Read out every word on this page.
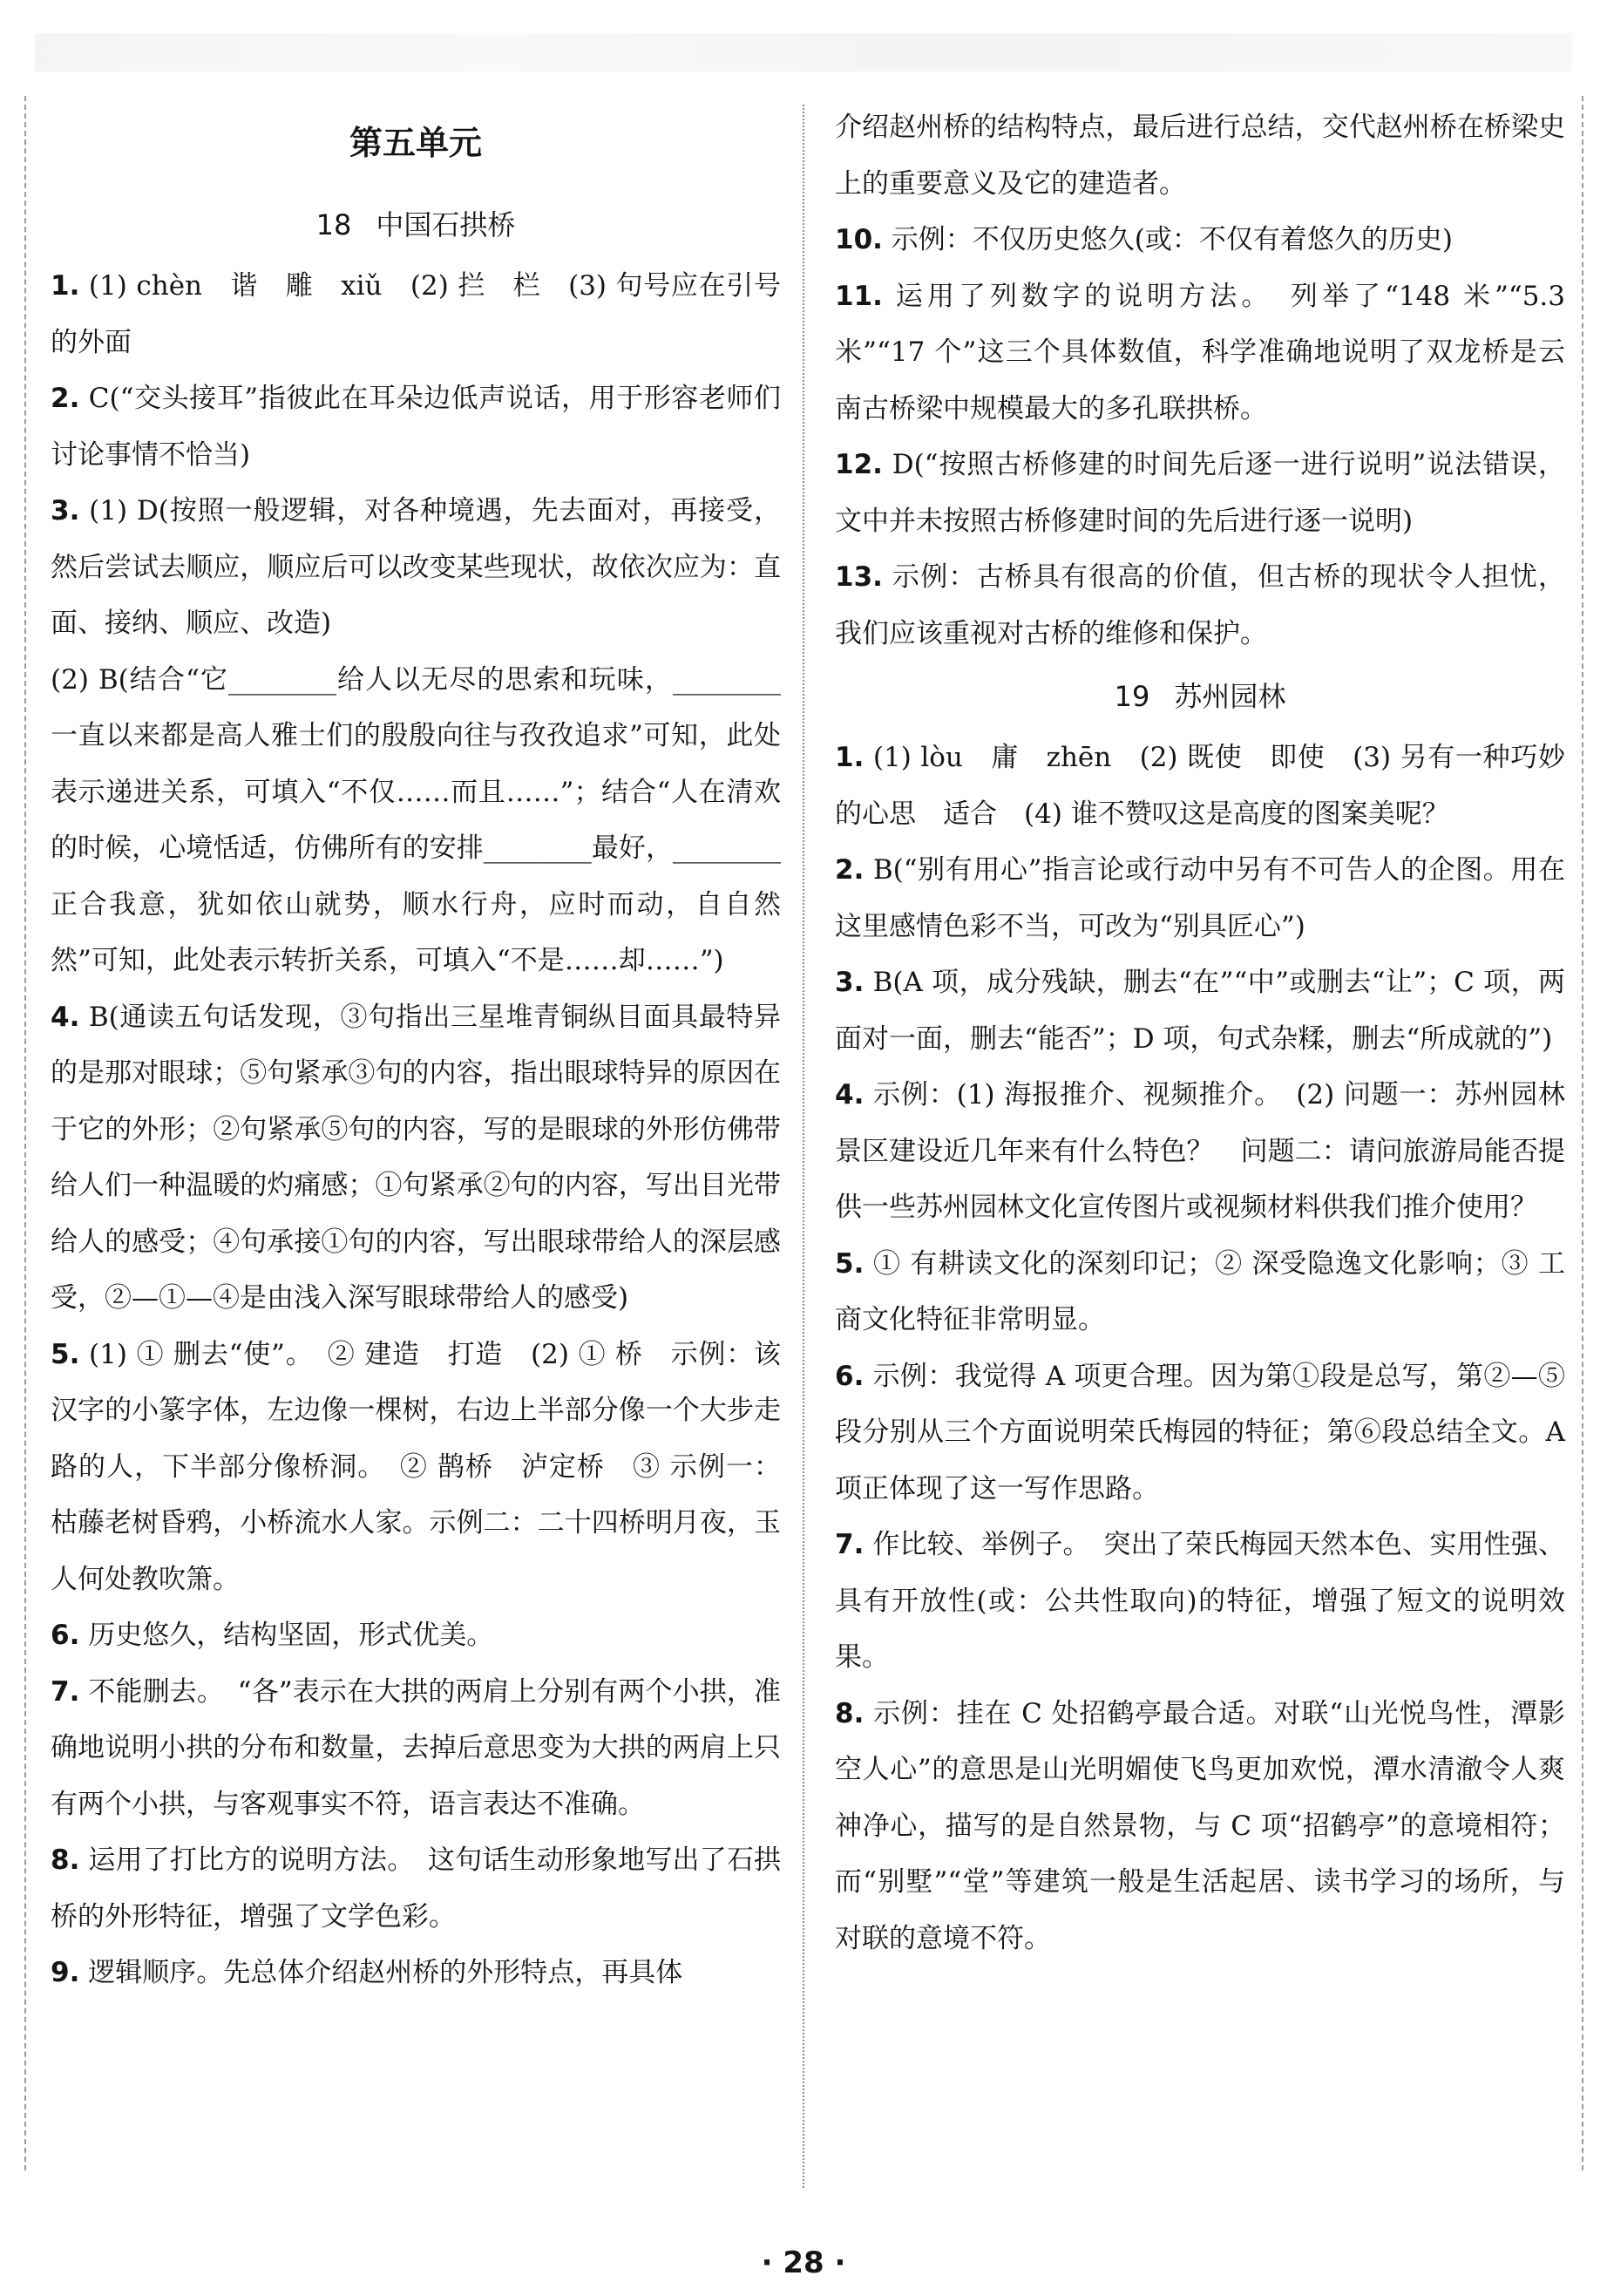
第五单元
18 中国石拱桥

1. (1) chèn　谐　雕　xiǔ　(2) 拦　栏　(3) 句号应在引号的外面

2. C(“交头接耳”指彼此在耳朵边低声说话，用于形容老师们讨论事情不恰当)

3. (1) D(按照一般逻辑，对各种境遇，先去面对，再接受，然后尝试去顺应，顺应后可以改变某些现状，故依次应为：直面、接纳、顺应、改造)

(2) B(结合“它________给人以无尽的思索和玩味，________一直以来都是高人雅士们的殷殷向往与孜孜追求”可知，此处表示递进关系，可填入“不仅……而且……”；结合“人在清欢的时候，心境恬适，仿佛所有的安排________最好，________正合我意，犹如依山就势，顺水行舟，应时而动，自自然然”可知，此处表示转折关系，可填入“不是……却……”)

4. B(通读五句话发现，③句指出三星堆青铜纵目面具最特异的是那对眼球；⑤句紧承③句的内容，指出眼球特异的原因在于它的外形；②句紧承⑤句的内容，写的是眼球的外形仿佛带给人们一种温暖的灼痛感；①句紧承②句的内容，写出目光带给人的感受；④句承接①句的内容，写出眼球带给人的深层感受，②—①—④是由浅入深写眼球带给人的感受)

5. (1) ① 删去“使”。　② 建造　打造　(2) ① 桥　示例：该汉字的小篆字体，左边像一棵树，右边上半部分像一个大步走路的人，下半部分像桥洞。　② 鹊桥　泸定桥　③ 示例一：枯藤老树昏鸦，小桥流水人家。示例二：二十四桥明月夜，玉人何处教吹箫。

6. 历史悠久，结构坚固，形式优美。

7. 不能删去。　“各”表示在大拱的两肩上分别有两个小拱，准确地说明小拱的分布和数量，去掉后意思变为大拱的两肩上只有两个小拱，与客观事实不符，语言表达不准确。

8. 运用了打比方的说明方法。　这句话生动形象地写出了石拱桥的外形特征，增强了文学色彩。

9. 逻辑顺序。先总体介绍赵州桥的外形特点，再具体

介绍赵州桥的结构特点，最后进行总结，交代赵州桥在桥梁史上的重要意义及它的建造者。

10. 示例：不仅历史悠久(或：不仅有着悠久的历史)

11. 运用了列数字的说明方法。　列举了“148 米”“5.3 米”“17 个”这三个具体数值，科学准确地说明了双龙桥是云南古桥梁中规模最大的多孔联拱桥。

12. D(“按照古桥修建的时间先后逐一进行说明”说法错误，文中并未按照古桥修建时间的先后进行逐一说明)

13. 示例：古桥具有很高的价值，但古桥的现状令人担忧，我们应该重视对古桥的维修和保护。

19 苏州园林

1. (1) lòu　庸　zhēn　(2) 既使　即使　(3) 另有一种巧妙的心思　适合　(4) 谁不赞叹这是高度的图案美呢？

2. B(“别有用心”指言论或行动中另有不可告人的企图。用在这里感情色彩不当，可改为“别具匠心”)

3. B(A 项，成分残缺，删去“在”“中”或删去“让”；C 项，两面对一面，删去“能否”；D 项，句式杂糅，删去“所成就的”)

4. 示例：(1) 海报推介、视频推介。　(2) 问题一：苏州园林景区建设近几年来有什么特色？　问题二：请问旅游局能否提供一些苏州园林文化宣传图片或视频材料供我们推介使用？

5. ① 有耕读文化的深刻印记；② 深受隐逸文化影响；③ 工商文化特征非常明显。

6. 示例：我觉得 A 项更合理。因为第①段是总写，第②—⑤段分别从三个方面说明荣氏梅园的特征；第⑥段总结全文。A 项正体现了这一写作思路。

7. 作比较、举例子。　突出了荣氏梅园天然本色、实用性强、具有开放性(或：公共性取向)的特征，增强了短文的说明效果。

8. 示例：挂在 C 处招鹤亭最合适。对联“山光悦鸟性，潭影空人心”的意思是山光明媚使飞鸟更加欢悦，潭水清澈令人爽神净心，描写的是自然景物，与 C 项“招鹤亭”的意境相符；而“别墅”“堂”等建筑一般是生活起居、读书学习的场所，与对联的意境不符。

· 28 ·
